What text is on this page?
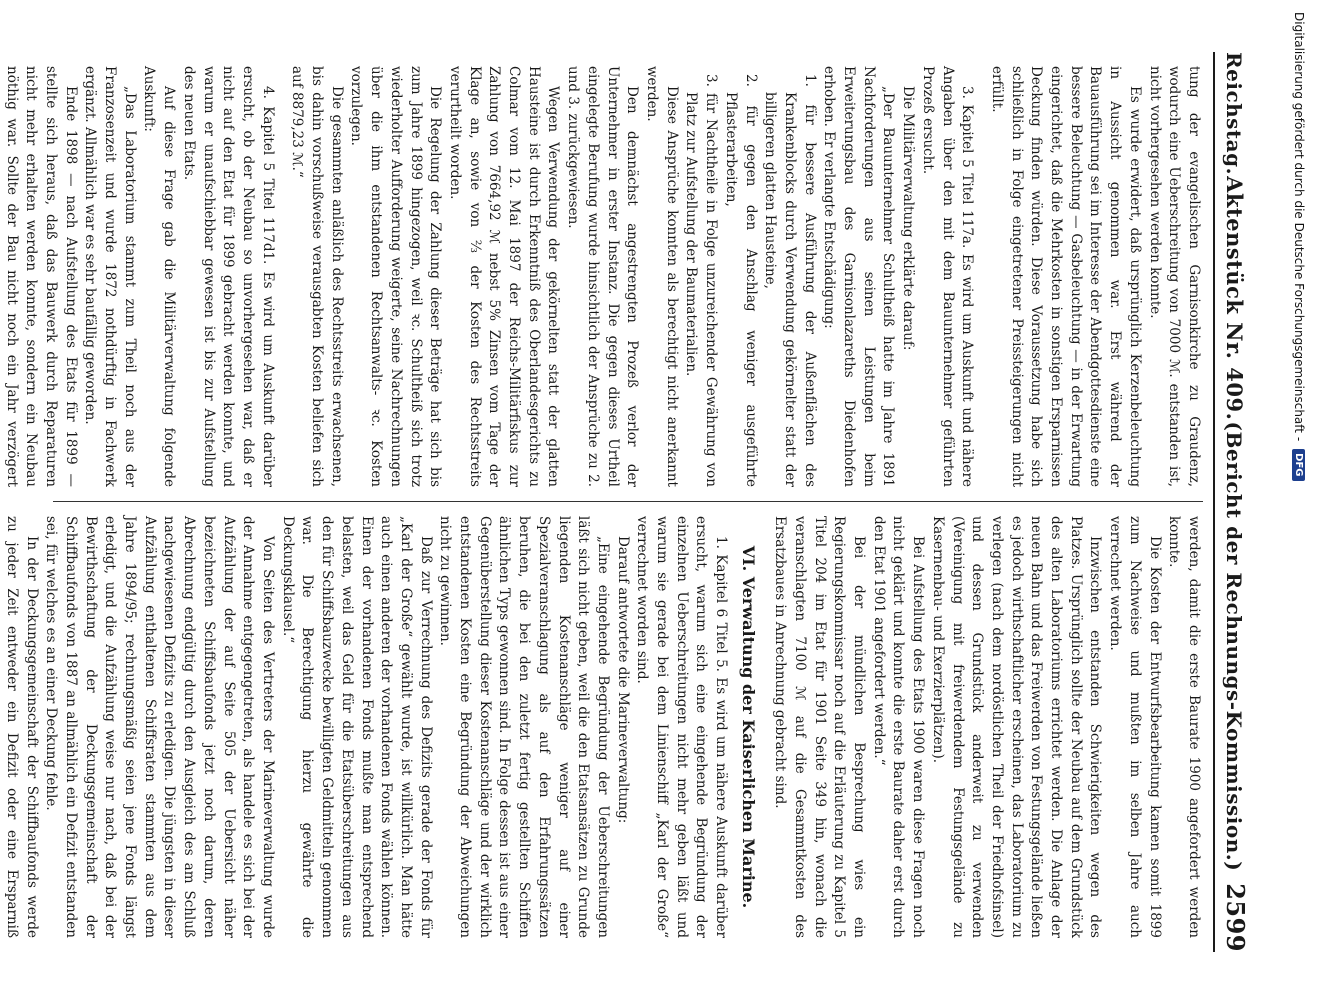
Reichstag.
Aktenstück Nr. 409.
(Bericht der Rechnungs-Kommission.)2599

tung der evangelischen Garnisonkirche zu Graudenz, wodurch eine Ueberschreitung von 7000 ℳ. entstanden ist, nicht vorhergesehen werden konnte.

Es wurde erwidert, daß ursprünglich Kerzenbeleuchtung in Aussicht genommen war. Erst während der Bauausführung sei im Interesse der Abendgottesdienste eine bessere Beleuchtung — Gasbeleuchtung — in der Erwartung eingerichtet, daß die Mehrkosten in sonstigen Ersparnissen Deckung finden würden. Diese Voraussetzung habe sich schließlich in Folge eingetretener Preissteigerungen nicht erfüllt.

3. Kapitel 5 Titel 117a. Es wird um Auskunft und nähere Angaben über den mit dem Bauunternehmer geführten Prozeß ersucht.

Die Militärverwaltung erklärte darauf:

„Der Bauunternehmer Schultheiß hatte im Jahre 1891 Nachforderungen aus seinen Leistungen beim Erweiterungsbau des Garnisonlazareths Diedenhofen erhoben. Er verlangte Entschädigung:

1. für bessere Ausführung der Außenflächen des Krankenblocks durch Verwendung gekörnelter statt der billigeren glatten Hausteine,

2. für gegen den Anschlag weniger ausgeführte Pflasterarbeiten,

3. für Nachtheile in Folge unzureichender Gewährung von Platz zur Aufstellung der Baumaterialien.

Diese Ansprüche konnten als berechtigt nicht anerkannt werden.

Den demnächst angestrengten Prozeß verlor der Unternehmer in erster Instanz. Die gegen dieses Urtheil eingelegte Berufung wurde hinsichtlich der Ansprüche zu 2. und 3. zurückgewiesen.

Wegen Verwendung der gekörnelten statt der glatten Hausteine ist durch Erkenntniß des Oberlandesgerichts zu Colmar vom 12. Mai 1897 der Reichs-Militärfiskus zur Zahlung von 7664,92 ℳ nebst 5% Zinsen vom Tage der Klage an, sowie von ⅔ der Kosten des Rechtsstreits verurtheilt worden.

Die Regelung der Zahlung dieser Beträge hat sich bis zum Jahre 1899 hingezogen, weil ꝛc. Schultheiß sich trotz wiederholter Aufforderung weigerte, seine Nachrechnungen über die ihm entstandenen Rechtsanwalts- ꝛc. Kosten vorzulegen.

Die gesammten anläßlich des Rechtsstreits erwachsenen, bis dahin vorschußweise verausgabten Kosten beliefen sich auf 8879,23 ℳ.“

4. Kapitel 5 Titel 117d1. Es wird um Auskunft darüber ersucht, ob der Neubau so unvorhergesehen war, daß er nicht auf den Etat für 1899 gebracht werden konnte, und warum er unaufschiebbar gewesen ist bis zur Aufstellung des neuen Etats.

Auf diese Frage gab die Militärverwaltung folgende Auskunft:

„Das Laboratorium stammt zum Theil noch aus der Franzosenzeit und wurde 1872 nothdürftig in Fachwerk ergänzt. Allmählich war es sehr baufällig geworden.

Ende 1898 — nach Aufstellung des Etats für 1899 — stellte sich heraus, daß das Bauwerk durch Reparaturen nicht mehr erhalten werden konnte, sondern ein Neubau nöthig war. Sollte der Bau nicht noch ein Jahr verzögert

werden, damit die erste Baurate 1900 angefordert werden konnte.

Die Kosten der Entwurfsbearbeitung kamen somit 1899 zum Nachweise und mußten im selben Jahre auch verrechnet werden.

Inzwischen entstanden Schwierigkeiten wegen des Platzes. Ursprünglich sollte der Neubau auf dem Grundstück des alten Laboratoriums errichtet werden. Die Anlage der neuen Bahn und das Freiwerden von Festungsgelände ließen es jedoch wirthschaftlicher erscheinen, das Laboratorium zu verlegen (nach dem nordöstlichen Theil der Friedhofsinsel) und dessen Grundstück anderweit zu verwenden (Vereinigung mit freiwerdendem Festungsgelände zu Kasernenbau- und Exerzierplätzen).

Bei Aufstellung des Etats 1900 waren diese Fragen noch nicht geklärt und konnte die erste Baurate daher erst durch den Etat 1901 angefordert werden.“

Bei der mündlichen Besprechung wies ein Regierungskommissar noch auf die Erläuterung zu Kapitel 5 Titel 204 im Etat für 1901 Seite 349 hin, wonach die veranschlagten 7100 ℳ auf die Gesammtkosten des Ersatzbaues in Anrechnung gebracht sind.

VI. Verwaltung der Kaiserlichen Marine.

1. Kapitel 6 Titel 5. Es wird um nähere Auskunft darüber ersucht, warum sich eine eingehende Begründung der einzelnen Ueberschreitungen nicht mehr geben läßt und warum sie gerade bei dem Linienschiff „Karl der Große“ verrechnet worden sind.

Darauf antwortete die Marineverwaltung:

„Eine eingehende Begründung der Ueberschreitungen läßt sich nicht geben, weil die den Etatsansätzen zu Grunde liegenden Kostenanschläge weniger auf einer Spezialveranschlagung als auf den Erfahrungssätzen beruhen, die bei den zuletzt fertig gestellten Schiffen ähnlichen Typs gewonnen sind. In Folge dessen ist aus einer Gegenüberstellung dieser Kostenanschläge und der wirklich entstandenen Kosten eine Begründung der Abweichungen nicht zu gewinnen.

Daß zur Verrechnung des Defizits gerade der Fonds für „Karl der Große“ gewählt wurde, ist willkürlich. Man hätte auch einen anderen der vorhandenen Fonds wählen können. Einen der vorhandenen Fonds mußte man entsprechend belasten, weil das Geld für die Etatsüberschreitungen aus den für Schiffsbauzwecke bewilligten Geldmitteln genommen war. Die Berechtigung hierzu gewährte die Deckungsklausel.“

Von Seiten des Vertreters der Marineverwaltung wurde der Annahme entgegengetreten, als handele es sich bei der Aufzählung der auf Seite 505 der Uebersicht näher bezeichneten Schiffsbaufonds jetzt noch darum, deren Abrechnung endgültig durch den Ausgleich des am Schluß nachgewiesenen Defizits zu erledigen. Die jüngsten in dieser Aufzählung enthaltenen Schiffsraten stammten aus dem Jahre 1894/95; rechnungsmäßig seien jene Fonds längst erledigt, und die Aufzählung weise nur nach, daß bei der Bewirthschaftung der Deckungsgemeinschaft der Schiffbaufonds von 1887 an allmählich ein Defizit entstanden sei, für welches es an einer Deckung fehle.

In der Deckungsgemeinschaft der Schiffbaufonds werde zu jeder Zeit entweder ein Defizit oder eine Ersparniß

Digitalisierung gefördert durch die Deutsche Forschungsgemeinschaft -
DFG
